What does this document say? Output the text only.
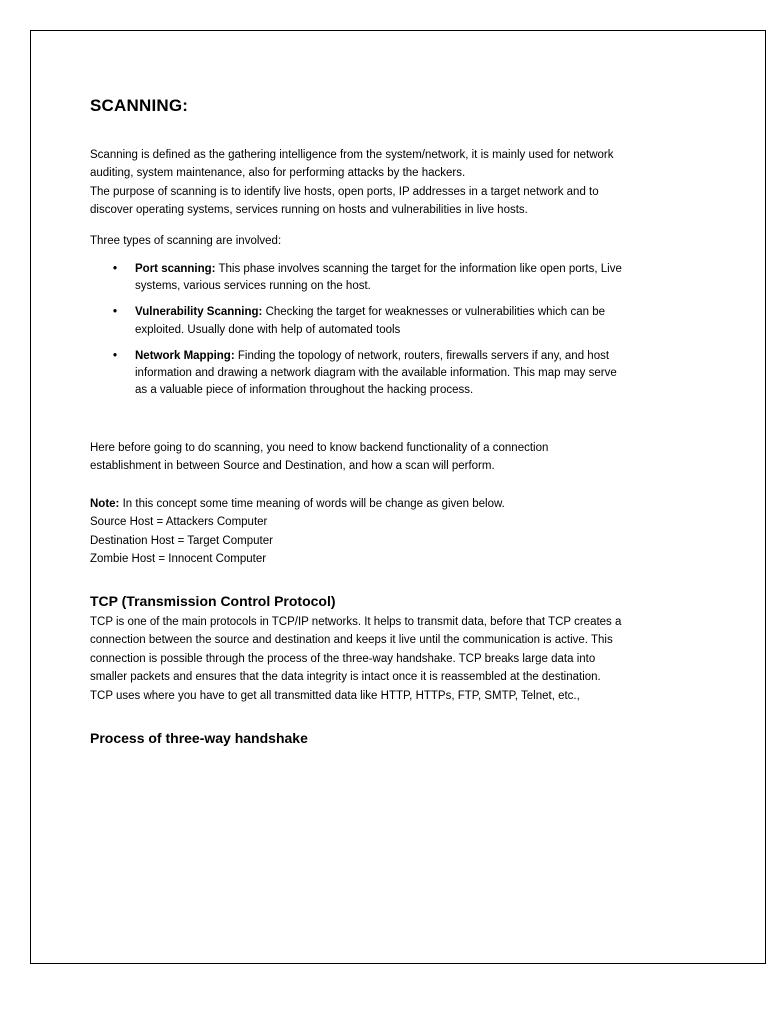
SCANNING:

Scanning is defined as the gathering intelligence from the system/network, it is mainly used for network
auditing, system maintenance, also for performing attacks by the hackers.
The purpose of scanning is to identify live hosts, open ports, IP addresses in a target network and to
discover operating systems, services running on hosts and vulnerabilities in live hosts.

Three types of scanning are involved:

• Port scanning: This phase involves scanning the target for the information like open ports, Live
systems, various services running on the host.
• Vulnerability Scanning: Checking the target for weaknesses or vulnerabilities which can be
exploited. Usually done with help of automated tools
• Network Mapping: Finding the topology of network, routers, firewalls servers if any, and host
information and drawing a network diagram with the available information. This map may serve
as a valuable piece of information throughout the hacking process.

Here before going to do scanning, you need to know backend functionality of a connection
establishment in between Source and Destination, and how a scan will perform.

Note: In this concept some time meaning of words will be change as given below.
Source Host = Attackers Computer
Destination Host = Target Computer
Zombie Host = Innocent Computer

TCP (Transmission Control Protocol)

TCP is one of the main protocols in TCP/IP networks. It helps to transmit data, before that TCP creates a
connection between the source and destination and keeps it live until the communication is active. This
connection is possible through the process of the three-way handshake. TCP breaks large data into
smaller packets and ensures that the data integrity is intact once it is reassembled at the destination.
TCP uses where you have to get all transmitted data like HTTP, HTTPs, FTP, SMTP, Telnet, etc.,

Process of three-way handshake
